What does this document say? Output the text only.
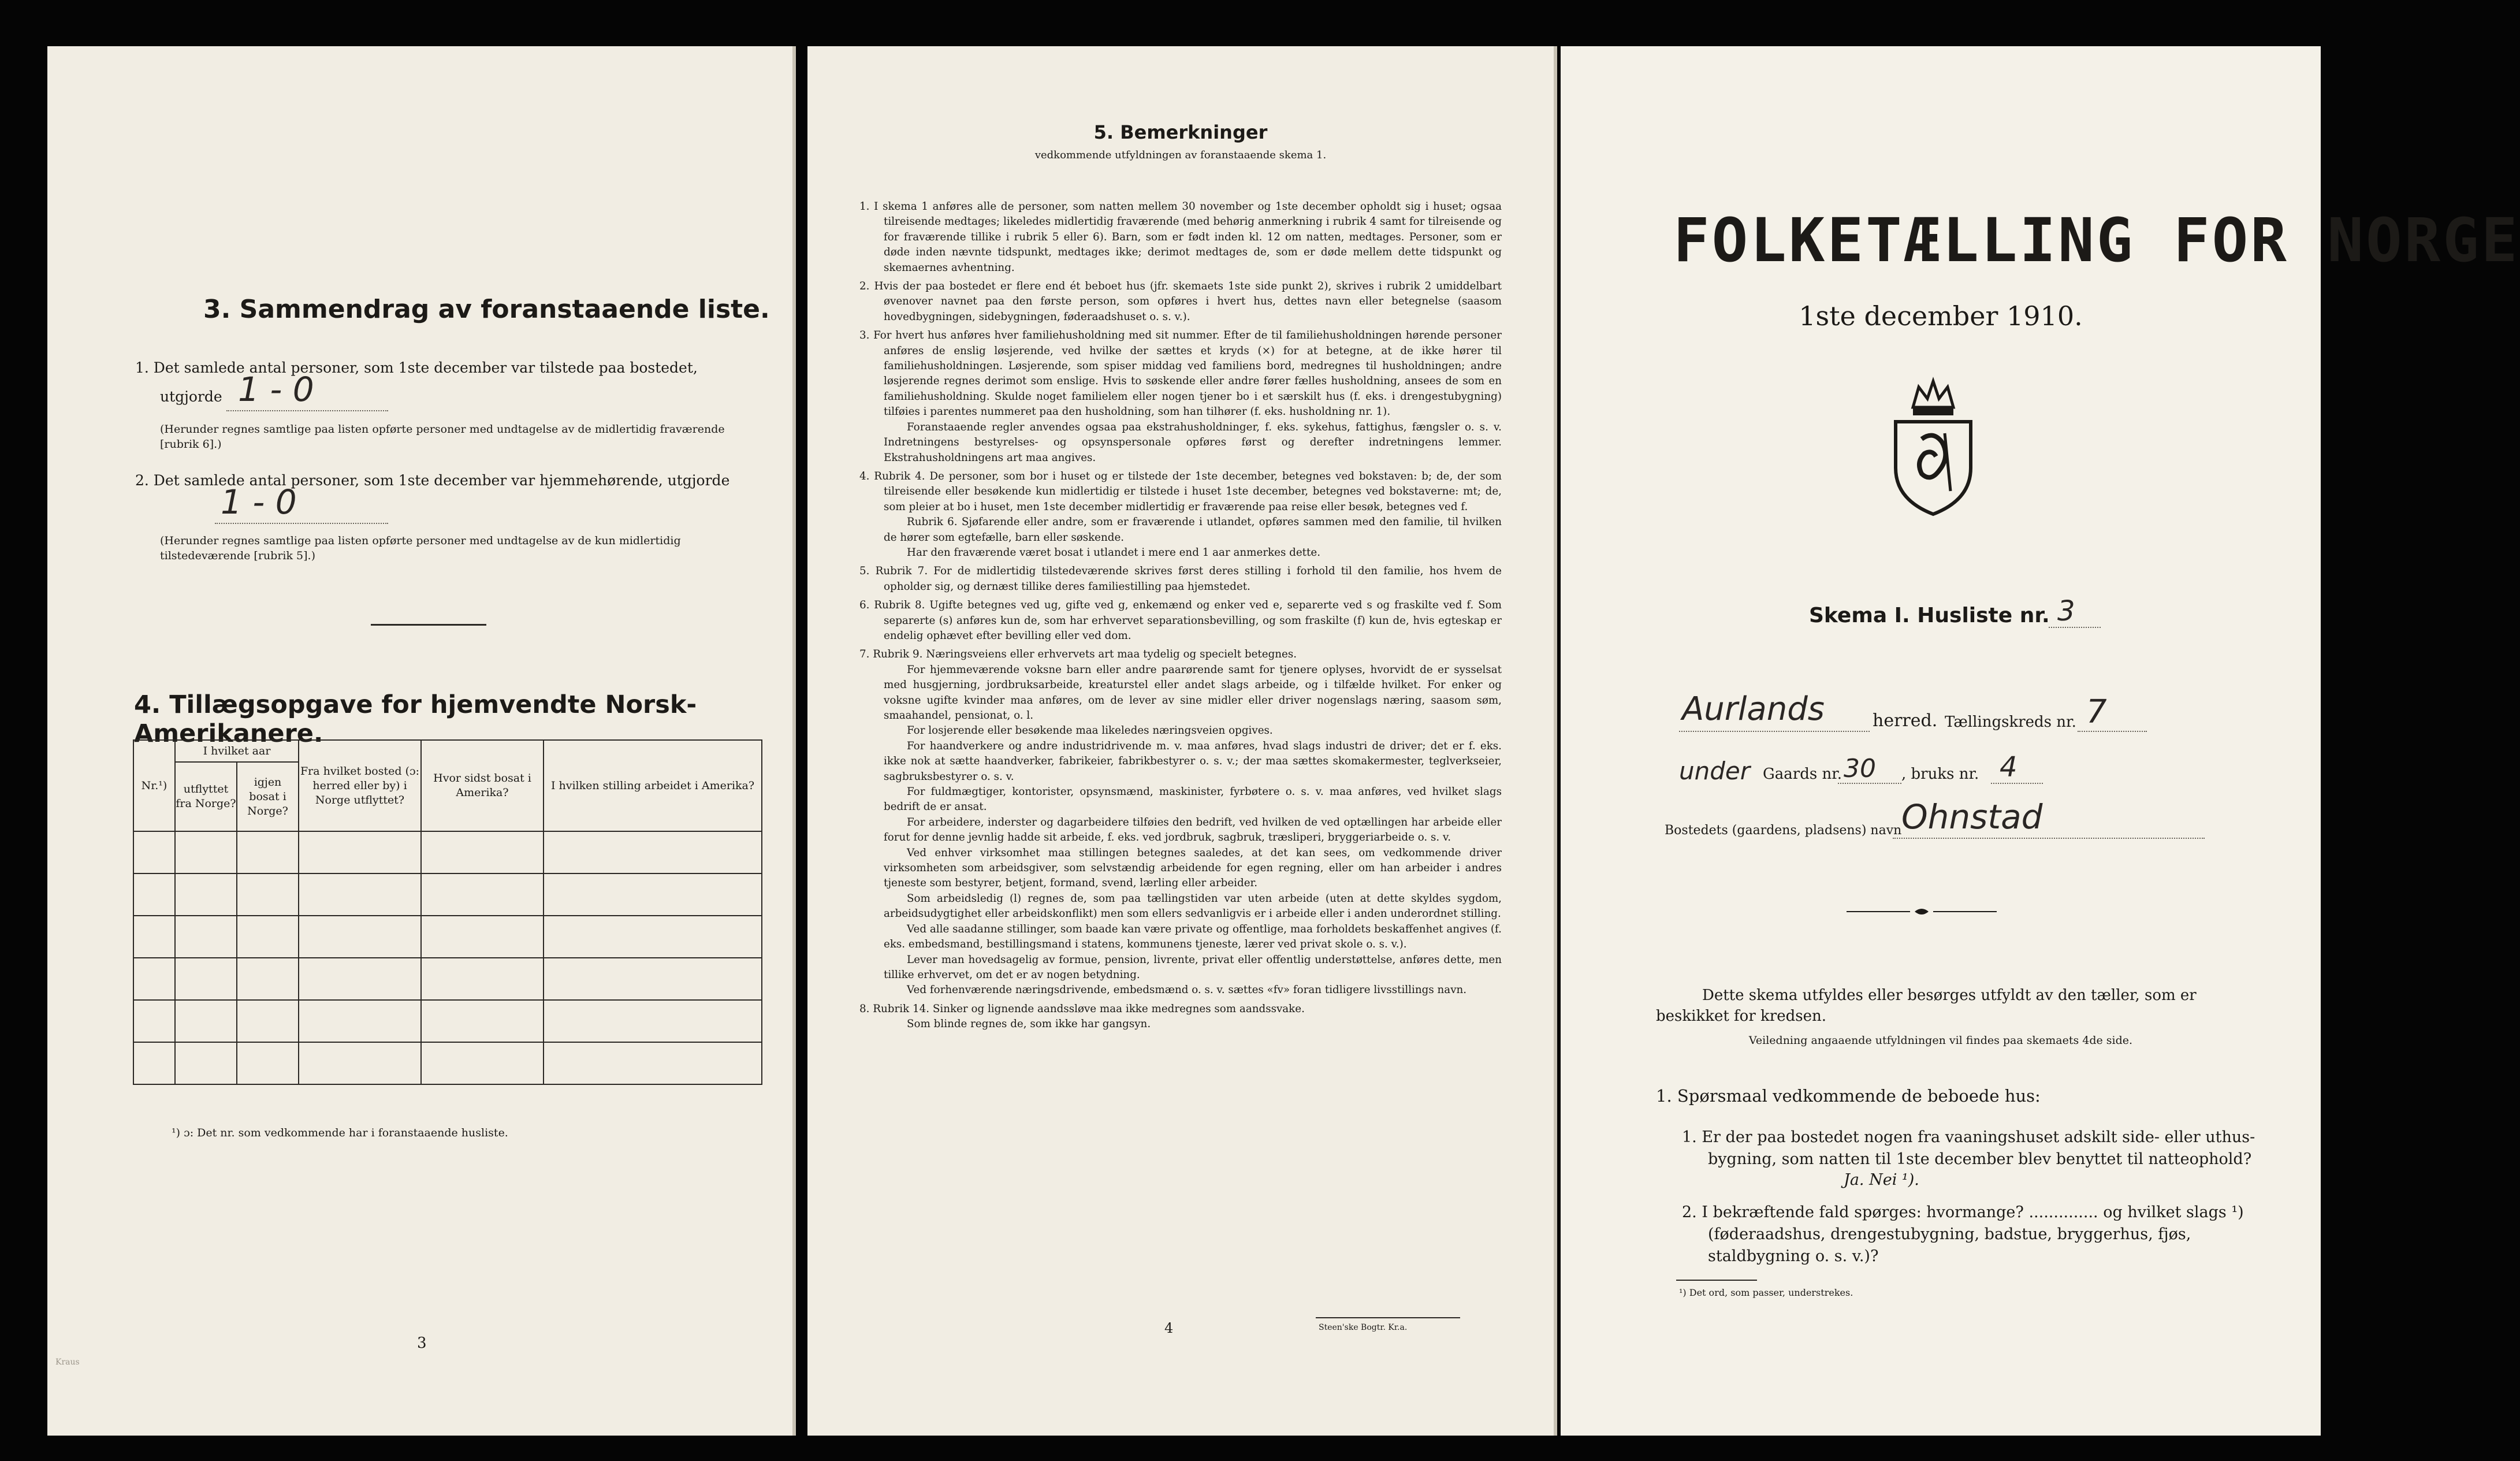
3. Sammendrag av foranstaaende liste.
1. Det samlede antal personer, som 1ste december var tilstede paa bostedet,
utgjorde 1 - 0
(Herunder regnes samtlige paa listen opførte personer med undtagelse av de midlertidig fraværende [rubrik 6].)
2. Det samlede antal personer, som 1ste december var hjemmehørende, utgjorde
1 - 0
(Herunder regnes samtlige paa listen opførte personer med undtagelse av de kun midlertidig tilstedeværende [rubrik 5].)
4. Tillægsopgave for hjemvendte Norsk-Amerikanere.
Nr.¹)	I hvilket aar		Fra hvilket bosted (ɔ: herred eller by) i Norge utflyttet?	Hvor sidst bosat i Amerika?	I hvilken stilling arbeidet i Amerika?
	utflyttet fra Norge?	igjen bosat i Norge?			

¹) ɔ: Det nr. som vedkommende har i foranstaaende husliste.
3
Kraus
5. Bemerkninger
vedkommende utfyldningen av foranstaaende skema 1.

1. I skema 1 anføres alle de personer, som natten mellem 30 november og 1ste december opholdt sig i huset; ogsaa tilreisende medtages; likeledes midlertidig fraværende (med behørig anmerkning i rubrik 4 samt for tilreisende og for fraværende tillike i rubrik 5 eller 6). Barn, som er født inden kl. 12 om natten, medtages. Personer, som er døde inden nævnte tidspunkt, medtages ikke; derimot medtages de, som er døde mellem dette tidspunkt og skemaernes avhentning.

2. Hvis der paa bostedet er flere end ét beboet hus (jfr. skemaets 1ste side punkt 2), skrives i rubrik 2 umiddelbart øvenover navnet paa den første person, som opføres i hvert hus, dettes navn eller betegnelse (saasom hovedbygningen, sidebygningen, føderaadshuset o. s. v.).

3. For hvert hus anføres hver familiehusholdning med sit nummer. Efter de til familiehusholdningen hørende personer anføres de enslig løsjerende, ved hvilke der sættes et kryds (×) for at betegne, at de ikke hører til familiehusholdningen. Løsjerende, som spiser middag ved familiens bord, medregnes til husholdningen; andre løsjerende regnes derimot som enslige. Hvis to søskende eller andre fører fælles husholdning, ansees de som en familiehusholdning. Skulde noget familielem eller nogen tjener bo i et særskilt hus (f. eks. i drengestubygning) tilføies i parentes nummeret paa den husholdning, som han tilhører (f. eks. husholdning nr. 1).

Foranstaaende regler anvendes ogsaa paa ekstrahusholdninger, f. eks. sykehus, fattighus, fængsler o. s. v. Indretningens bestyrelses- og opsynspersonale opføres først og derefter indretningens lemmer. Ekstrahusholdningens art maa angives.

4. Rubrik 4. De personer, som bor i huset og er tilstede der 1ste december, betegnes ved bokstaven: b; de, der som tilreisende eller besøkende kun midlertidig er tilstede i huset 1ste december, betegnes ved bokstaverne: mt; de, som pleier at bo i huset, men 1ste december midlertidig er fraværende paa reise eller besøk, betegnes ved f.

Rubrik 6. Sjøfarende eller andre, som er fraværende i utlandet, opføres sammen med den familie, til hvilken de hører som egtefælle, barn eller søskende.

Har den fraværende været bosat i utlandet i mere end 1 aar anmerkes dette.

5. Rubrik 7. For de midlertidig tilstedeværende skrives først deres stilling i forhold til den familie, hos hvem de opholder sig, og dernæst tillike deres familiestilling paa hjemstedet.

6. Rubrik 8. Ugifte betegnes ved ug, gifte ved g, enkemænd og enker ved e, separerte ved s og fraskilte ved f. Som separerte (s) anføres kun de, som har erhvervet separationsbevilling, og som fraskilte (f) kun de, hvis egteskap er endelig ophævet efter bevilling eller ved dom.

7. Rubrik 9. Næringsveiens eller erhvervets art maa tydelig og specielt betegnes.

For hjemmeværende voksne barn eller andre paarørende samt for tjenere oplyses, hvorvidt de er sysselsat med husgjerning, jordbruksarbeide, kreaturstel eller andet slags arbeide, og i tilfælde hvilket. For enker og voksne ugifte kvinder maa anføres, om de lever av sine midler eller driver nogenslags næring, saasom søm, smaahandel, pensionat, o. l.

For losjerende eller besøkende maa likeledes næringsveien opgives.

For haandverkere og andre industridrivende m. v. maa anføres, hvad slags industri de driver; det er f. eks. ikke nok at sætte haandverker, fabrikeier, fabrikbestyrer o. s. v.; der maa sættes skomakermester, teglverkseier, sagbruksbestyrer o. s. v.

For fuldmægtiger, kontorister, opsynsmænd, maskinister, fyrbøtere o. s. v. maa anføres, ved hvilket slags bedrift de er ansat.

For arbeidere, inderster og dagarbeidere tilføies den bedrift, ved hvilken de ved optællingen har arbeide eller forut for denne jevnlig hadde sit arbeide, f. eks. ved jordbruk, sagbruk, træsliperi, bryggeriarbeide o. s. v.

Ved enhver virksomhet maa stillingen betegnes saaledes, at det kan sees, om vedkommende driver virksomheten som arbeidsgiver, som selvstændig arbeidende for egen regning, eller om han arbeider i andres tjeneste som bestyrer, betjent, formand, svend, lærling eller arbeider.

Som arbeidsledig (l) regnes de, som paa tællingstiden var uten arbeide (uten at dette skyldes sygdom, arbeidsudygtighet eller arbeidskonflikt) men som ellers sedvanligvis er i arbeide eller i anden underordnet stilling.

Ved alle saadanne stillinger, som baade kan være private og offentlige, maa forholdets beskaffenhet angives (f. eks. embedsmand, bestillingsmand i statens, kommunens tjeneste, lærer ved privat skole o. s. v.).

Lever man hovedsagelig av formue, pension, livrente, privat eller offentlig understøttelse, anføres dette, men tillike erhvervet, om det er av nogen betydning.

Ved forhenværende næringsdrivende, embedsmænd o. s. v. sættes «fv» foran tidligere livsstillings navn.

8. Rubrik 14. Sinker og lignende aandssløve maa ikke medregnes som aandssvake.

Som blinde regnes de, som ikke har gangsyn.

4	Steen'ske Bogtr. Kr.a.
FOLKETÆLLING FOR NORGE
1ste december 1910.
Skema I. Husliste nr. 3
Aurlands	herred. Tællingskreds nr. 7
under Gaards nr. 30 , bruks nr. 4
Bostedets (gaardens, pladsens) navn Ohnstad
Dette skema utfyldes eller besørges utfyldt av den tæller, som er beskikket for kredsen.
Veiledning angaaende utfyldningen vil findes paa skemaets 4de side.
1. Spørsmaal vedkommende de beboede hus:
1. Er der paa bostedet nogen fra vaaningshuset adskilt side- eller uthus-bygning, som natten til 1ste december blev benyttet til natteophold?
Ja. Nei ¹).
2. I bekræftende fald spørges: hvormange? .............. og hvilket slags ¹) (føderaadshus, drengestubygning, badstue, bryggerhus, fjøs, staldbygning o. s. v.)?
¹) Det ord, som passer, understrekes.
